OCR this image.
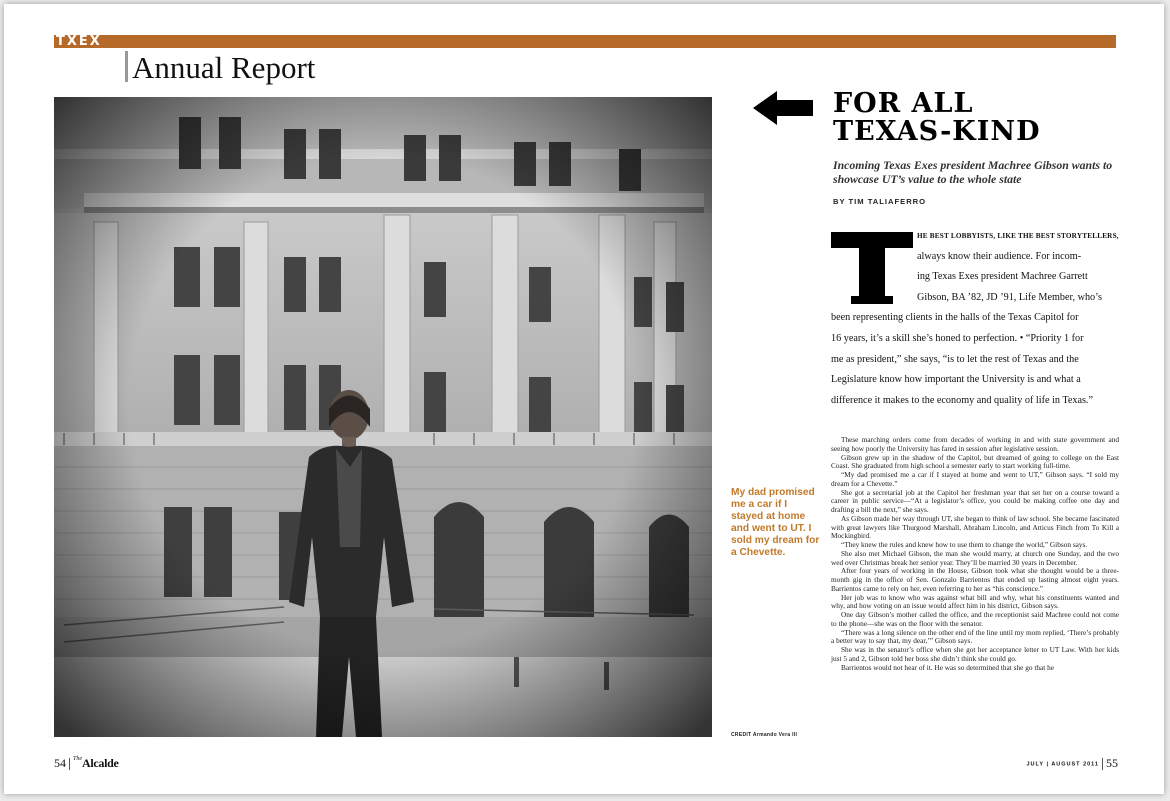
TXEX
Annual Report
My dad promised me a car if I stayed at home and went to UT. I sold my dream for a Chevette.
CREDIT Armando Vera III
FOR ALL
TEXAS-KIND
Incoming Texas Exes president Machree Gibson wants to showcase UT’s value to the whole state
BY TIM TALIAFERRO
T
HE BEST LOBBYISTS, LIKE THE BEST STORYTELLERS,
always know their audience. For incom-
ing Texas Exes president Machree Garrett
Gibson, BA ’82, JD ’91, Life Member, who’s
been representing clients in the halls of the Texas Capitol for
16 years, it’s a skill she’s honed to perfection. • “Priority 1 for
me as president,” she says, “is to let the rest of Texas and the
Legislature know how important the University is and what a
difference it makes to the economy and quality of life in Texas.”

These marching orders come from decades of working in and with state government and seeing how poorly the University has fared in session after legislative session.

Gibson grew up in the shadow of the Capitol, but dreamed of going to college on the East Coast. She graduated from high school a semester early to start working full-time.

“My dad promised me a car if I stayed at home and went to UT,” Gibson says. “I sold my dream for a Chevette.”

She got a secretarial job at the Capitol her freshman year that set her on a course toward a career in public service—“At a legislator’s office, you could be making coffee one day and drafting a bill the next,” she says.

As Gibson made her way through UT, she began to think of law school. She became fascinated with great lawyers like Thurgood Marshall, Abraham Lincoln, and Atticus Finch from To Kill a Mockingbird.

“They knew the rules and knew how to use them to change the world,” Gibson says.

She also met Michael Gibson, the man she would marry, at church one Sunday, and the two wed over Christmas break her senior year. They’ll be married 30 years in December.

After four years of working in the House, Gibson took what she thought would be a three-month gig in the office of Sen. Gonzalo Barrientos that ended up lasting almost eight years. Barrientos came to rely on her, even referring to her as “his conscience.”

Her job was to know who was against what bill and why, what his constituents wanted and why, and how voting on an issue would affect him in his district, Gibson says.

One day Gibson’s mother called the office, and the receptionist said Machree could not come to the phone—she was on the floor with the senator.

“There was a long silence on the other end of the line until my mom replied, ‘There’s probably a better way to say that, my dear,’” Gibson says.

She was in the senator’s office when she got her acceptance letter to UT Law. With her kids just 5 and 2, Gibson told her boss she didn’t think she could go.

Barrientos would not hear of it. He was so determined that she go that he

54 $^{The}$Alcalde	JULY | AUGUST 2011 55
